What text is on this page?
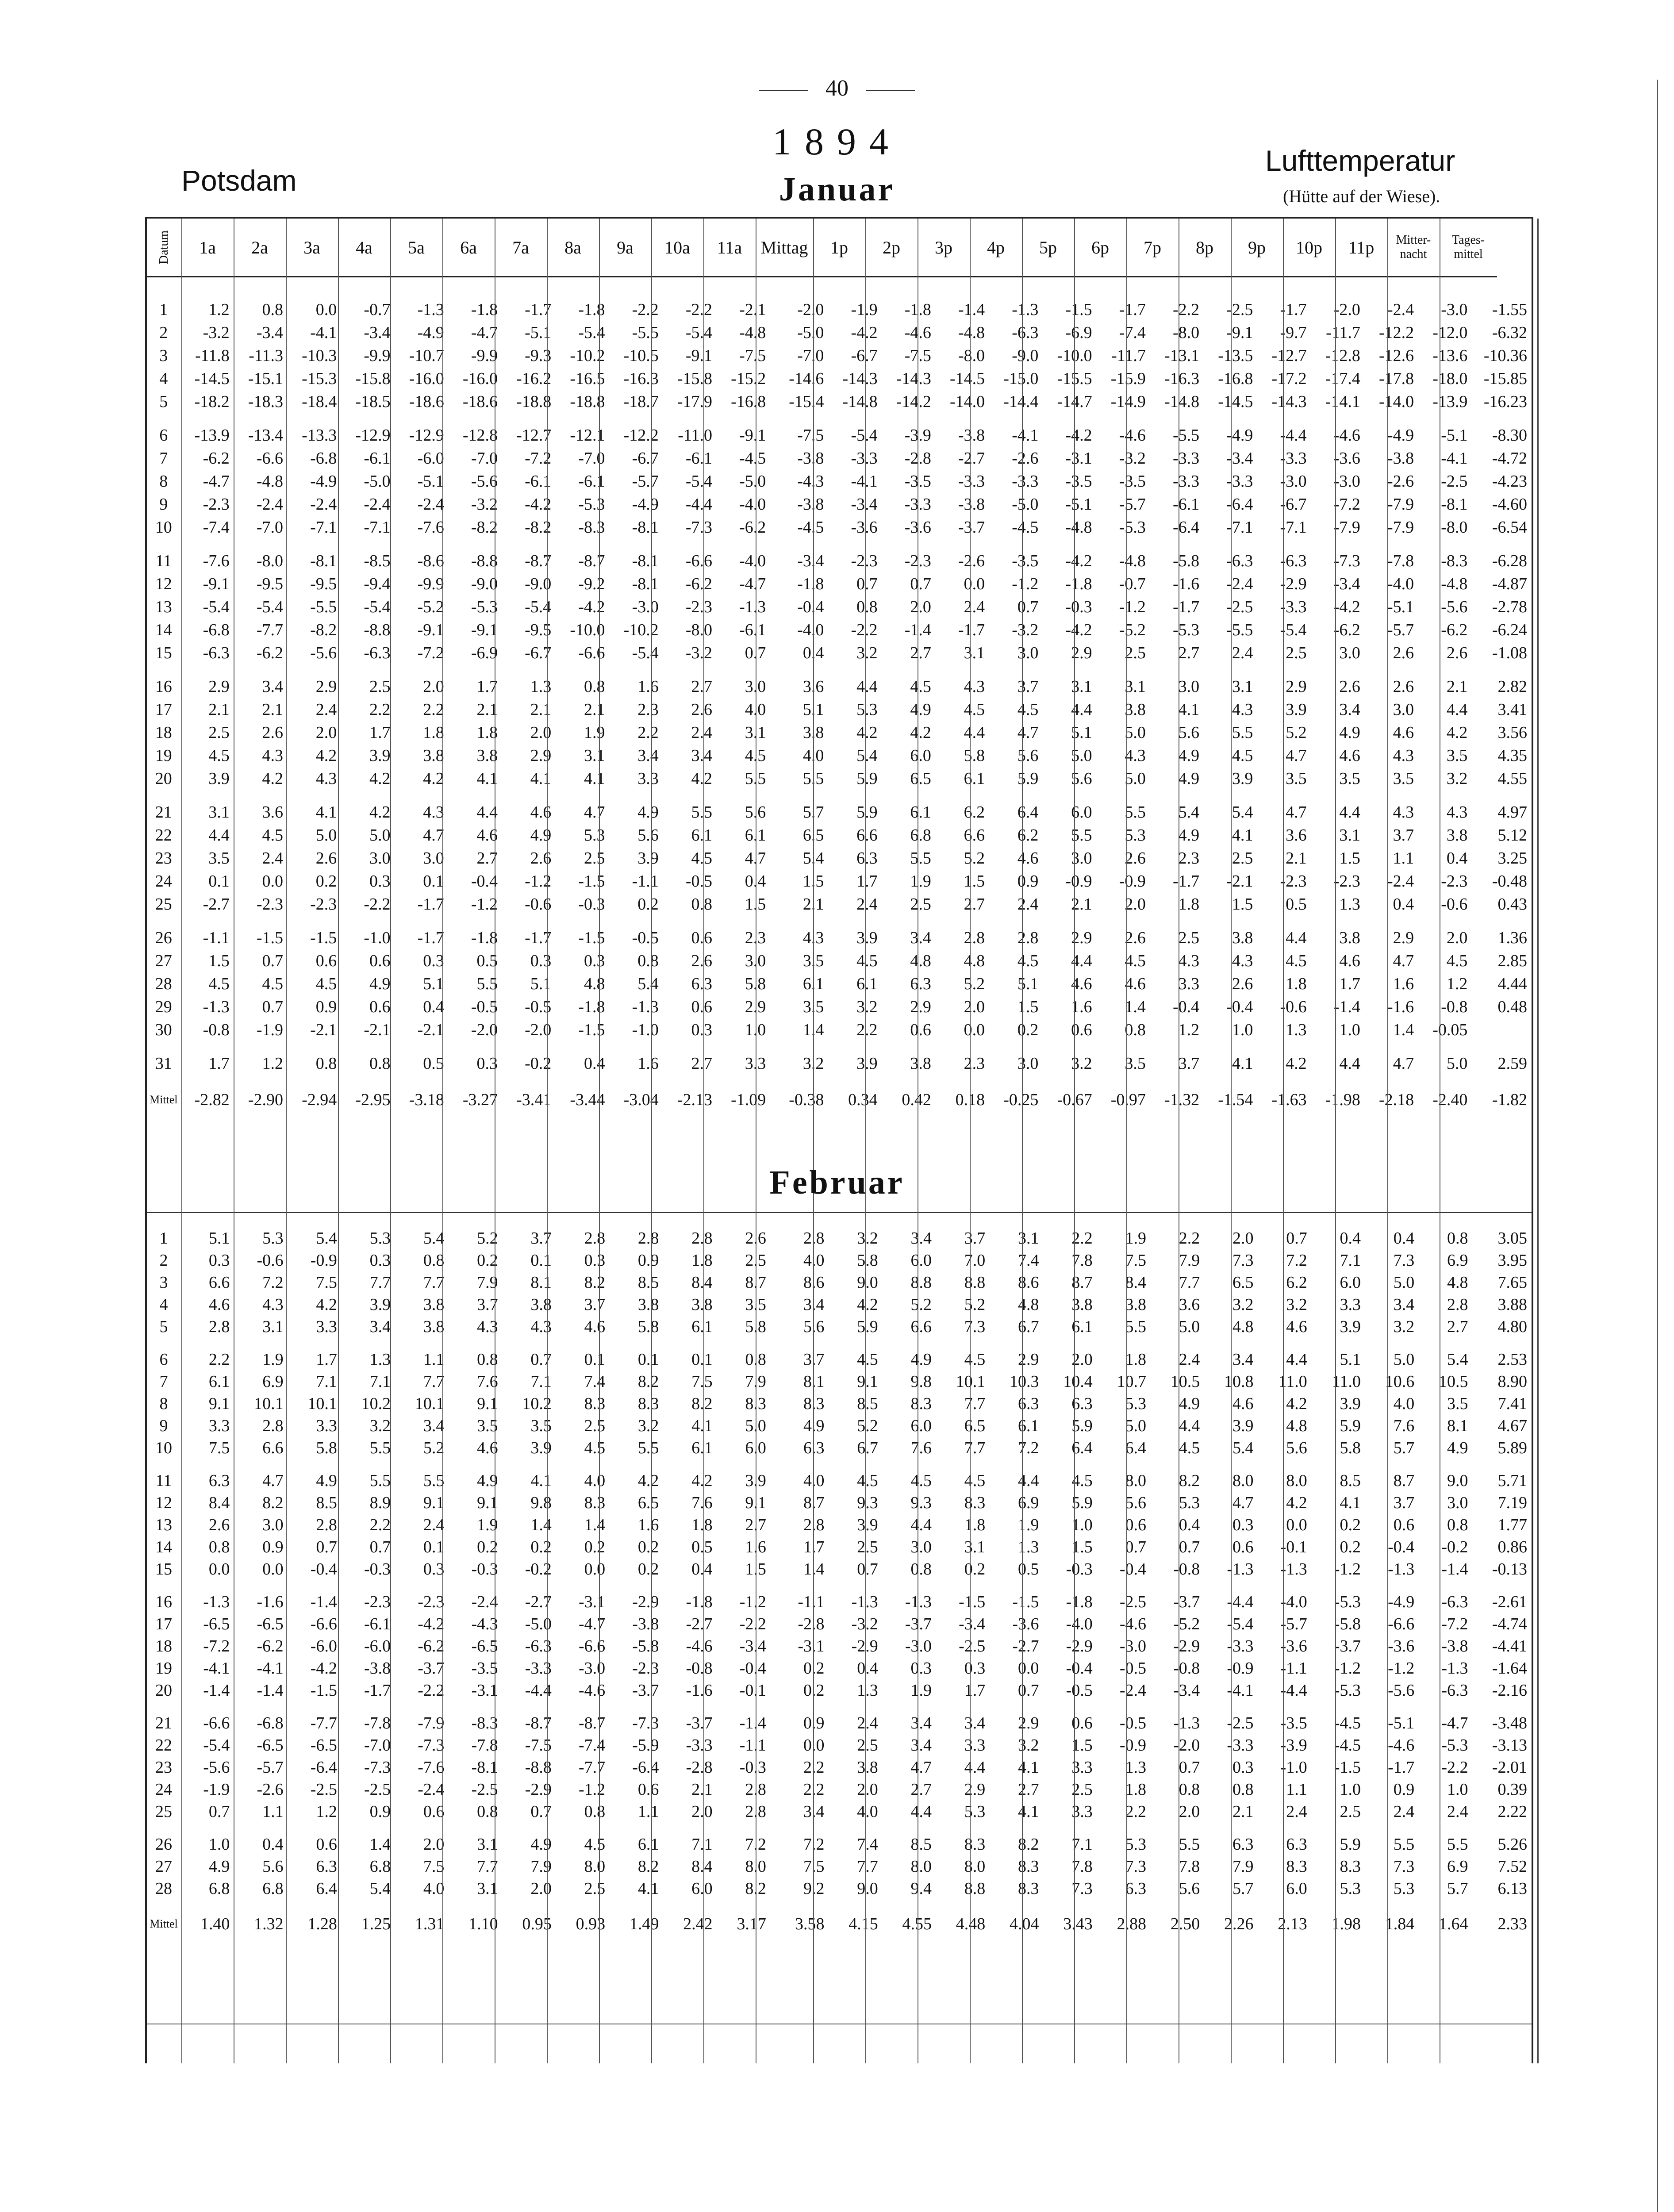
40
1894
Potsdam	Januar
Lufttemperatur
(Hütte auf der Wiese).
Datum	1a	2a	3a	4a	5a	6a	7a	8a	9a	10a	11a	Mittag	1p	2p	3p	4p	5p	6p	7p	8p	9p	10p	11p	Mitter-nacht	Tages-mittel
1	1.2	0.8	0.0	-0.7	-1.3	-1.8	-1.7	-1.8	-2.2	-2.2	-2.1	-2.0	-1.9	-1.8	-1.4	-1.3	-1.5	-1.7	-2.2	-2.5	-1.7	-2.0	-2.4	-3.0	-1.55
2	-3.2	-3.4	-4.1	-3.4	-4.9	-4.7	-5.1	-5.4	-5.5	-5.4	-4.8	-5.0	-4.2	-4.6	-4.8	-6.3	-6.9	-7.4	-8.0	-9.1	-9.7	-11.7	-12.2	-12.0	-6.32
3	-11.8	-11.3	-10.3	-9.9	-10.7	-9.9	-9.3	-10.2	-10.5	-9.1	-7.5	-7.0	-6.7	-7.5	-8.0	-9.0	-10.0	-11.7	-13.1	-13.5	-12.7	-12.8	-12.6	-13.6	-10.36
4	-14.5	-15.1	-15.3	-15.8	-16.0	-16.0	-16.2	-16.5	-16.3	-15.8	-15.2	-14.6	-14.3	-14.3	-14.5	-15.0	-15.5	-15.9	-16.3	-16.8	-17.2	-17.4	-17.8	-18.0	-15.85
5	-18.2	-18.3	-18.4	-18.5	-18.6	-18.6	-18.8	-18.8	-18.7	-17.9	-16.8	-15.4	-14.8	-14.2	-14.0	-14.4	-14.7	-14.9	-14.8	-14.5	-14.3	-14.1	-14.0	-13.9	-16.23
6	-13.9	-13.4	-13.3	-12.9	-12.9	-12.8	-12.7	-12.1	-12.2	-11.0	-9.1	-7.5	-5.4	-3.9	-3.8	-4.1	-4.2	-4.6	-5.5	-4.9	-4.4	-4.6	-4.9	-5.1	-8.30
7	-6.2	-6.6	-6.8	-6.1	-6.0	-7.0	-7.2	-7.0	-6.7	-6.1	-4.5	-3.8	-3.3	-2.8	-2.7	-2.6	-3.1	-3.2	-3.3	-3.4	-3.3	-3.6	-3.8	-4.1	-4.72
8	-4.7	-4.8	-4.9	-5.0	-5.1	-5.6	-6.1	-6.1	-5.7	-5.4	-5.0	-4.3	-4.1	-3.5	-3.3	-3.3	-3.5	-3.5	-3.3	-3.3	-3.0	-3.0	-2.6	-2.5	-4.23
9	-2.3	-2.4	-2.4	-2.4	-2.4	-3.2	-4.2	-5.3	-4.9	-4.4	-4.0	-3.8	-3.4	-3.3	-3.8	-5.0	-5.1	-5.7	-6.1	-6.4	-6.7	-7.2	-7.9	-8.1	-4.60
10	-7.4	-7.0	-7.1	-7.1	-7.6	-8.2	-8.2	-8.3	-8.1	-7.3	-6.2	-4.5	-3.6	-3.6	-3.7	-4.5	-4.8	-5.3	-6.4	-7.1	-7.1	-7.9	-7.9	-8.0	-6.54
11	-7.6	-8.0	-8.1	-8.5	-8.6	-8.8	-8.7	-8.7	-8.1	-6.6	-4.0	-3.4	-2.3	-2.3	-2.6	-3.5	-4.2	-4.8	-5.8	-6.3	-6.3	-7.3	-7.8	-8.3	-6.28
12	-9.1	-9.5	-9.5	-9.4	-9.9	-9.0	-9.0	-9.2	-8.1	-6.2	-4.7	-1.8	0.7	0.7	0.0	-1.2	-1.8	-0.7	-1.6	-2.4	-2.9	-3.4	-4.0	-4.8	-4.87
13	-5.4	-5.4	-5.5	-5.4	-5.2	-5.3	-5.4	-4.2	-3.0	-2.3	-1.3	-0.4	0.8	2.0	2.4	0.7	-0.3	-1.2	-1.7	-2.5	-3.3	-4.2	-5.1	-5.6	-2.78
14	-6.8	-7.7	-8.2	-8.8	-9.1	-9.1	-9.5	-10.0	-10.2	-8.0	-6.1	-4.0	-2.2	-1.4	-1.7	-3.2	-4.2	-5.2	-5.3	-5.5	-5.4	-6.2	-5.7	-6.2	-6.24
15	-6.3	-6.2	-5.6	-6.3	-7.2	-6.9	-6.7	-6.6	-5.4	-3.2	0.7	0.4	3.2	2.7	3.1	3.0	2.9	2.5	2.7	2.4	2.5	3.0	2.6	2.6	-1.08
16	2.9	3.4	2.9	2.5	2.0	1.7	1.3	0.8	1.6	2.7	3.0	3.6	4.4	4.5	4.3	3.7	3.1	3.1	3.0	3.1	2.9	2.6	2.6	2.1	2.82
17	2.1	2.1	2.4	2.2	2.2	2.1	2.1	2.1	2.3	2.6	4.0	5.1	5.3	4.9	4.5	4.5	4.4	3.8	4.1	4.3	3.9	3.4	3.0	4.4	3.41
18	2.5	2.6	2.0	1.7	1.8	1.8	2.0	1.9	2.2	2.4	3.1	3.8	4.2	4.2	4.4	4.7	5.1	5.0	5.6	5.5	5.2	4.9	4.6	4.2	3.56
19	4.5	4.3	4.2	3.9	3.8	3.8	2.9	3.1	3.4	3.4	4.5	4.0	5.4	6.0	5.8	5.6	5.0	4.3	4.9	4.5	4.7	4.6	4.3	3.5	4.35
20	3.9	4.2	4.3	4.2	4.2	4.1	4.1	4.1	3.3	4.2	5.5	5.5	5.9	6.5	6.1	5.9	5.6	5.0	4.9	3.9	3.5	3.5	3.5	3.2	4.55
21	3.1	3.6	4.1	4.2	4.3	4.4	4.6	4.7	4.9	5.5	5.6	5.7	5.9	6.1	6.2	6.4	6.0	5.5	5.4	5.4	4.7	4.4	4.3	4.3	4.97
22	4.4	4.5	5.0	5.0	4.7	4.6	4.9	5.3	5.6	6.1	6.1	6.5	6.6	6.8	6.6	6.2	5.5	5.3	4.9	4.1	3.6	3.1	3.7	3.8	5.12
23	3.5	2.4	2.6	3.0	3.0	2.7	2.6	2.5	3.9	4.5	4.7	5.4	6.3	5.5	5.2	4.6	3.0	2.6	2.3	2.5	2.1	1.5	1.1	0.4	3.25
24	0.1	0.0	0.2	0.3	0.1	-0.4	-1.2	-1.5	-1.1	-0.5	0.4	1.5	1.7	1.9	1.5	0.9	-0.9	-0.9	-1.7	-2.1	-2.3	-2.3	-2.4	-2.3	-0.48
25	-2.7	-2.3	-2.3	-2.2	-1.7	-1.2	-0.6	-0.3	0.2	0.8	1.5	2.1	2.4	2.5	2.7	2.4	2.1	2.0	1.8	1.5	0.5	1.3	0.4	-0.6	0.43
26	-1.1	-1.5	-1.5	-1.0	-1.7	-1.8	-1.7	-1.5	-0.5	0.6	2.3	4.3	3.9	3.4	2.8	2.8	2.9	2.6	2.5	3.8	4.4	3.8	2.9	2.0	1.36
27	1.5	0.7	0.6	0.6	0.3	0.5	0.3	0.3	0.8	2.6	3.0	3.5	4.5	4.8	4.8	4.5	4.4	4.5	4.3	4.3	4.5	4.6	4.7	4.5	2.85
28	4.5	4.5	4.5	4.9	5.1	5.5	5.1	4.8	5.4	6.3	5.8	6.1	6.1	6.3	5.2	5.1	4.6	4.6	3.3	2.6	1.8	1.7	1.6	1.2	4.44
29	-1.3	0.7	0.9	0.6	0.4	-0.5	-0.5	-1.8	-1.3	0.6	2.9	3.5	3.2	2.9	2.0	1.5	1.6	1.4	-0.4	-0.4	-0.6	-1.4	-1.6	-0.8	0.48
30	-0.8	-1.9	-2.1	-2.1	-2.1	-2.0	-2.0	-1.5	-1.0	0.3	1.0	1.4	2.2	0.6	0.0	0.2	0.6	0.8	1.2	1.0	1.3	1.0	1.4	-0.05	
31	1.7	1.2	0.8	0.8	0.5	0.3	-0.2	0.4	1.6	2.7	3.3	3.2	3.9	3.8	2.3	3.0	3.2	3.5	3.7	4.1	4.2	4.4	4.7	5.0	2.59
Mittel	-2.82	-2.90	-2.94	-2.95	-3.18	-3.27	-3.41	-3.44	-3.04	-2.13	-1.09	-0.38	0.34	0.42	0.18	-0.25	-0.67	-0.97	-1.32	-1.54	-1.63	-1.98	-2.18	-2.40	-1.82
1	5.1	5.3	5.4	5.3	5.4	5.2	3.7	2.8	2.8	2.8	2.6	2.8	3.2	3.4	3.7	3.1	2.2	1.9	2.2	2.0	0.7	0.4	0.4	0.8	3.05
2	0.3	-0.6	-0.9	0.3	0.8	0.2	0.1	0.3	0.9	1.8	2.5	4.0	5.8	6.0	7.0	7.4	7.8	7.5	7.9	7.3	7.2	7.1	7.3	6.9	3.95
3	6.6	7.2	7.5	7.7	7.7	7.9	8.1	8.2	8.5	8.4	8.7	8.6	9.0	8.8	8.8	8.6	8.7	8.4	7.7	6.5	6.2	6.0	5.0	4.8	7.65
4	4.6	4.3	4.2	3.9	3.8	3.7	3.8	3.7	3.8	3.8	3.5	3.4	4.2	5.2	5.2	4.8	3.8	3.8	3.6	3.2	3.2	3.3	3.4	2.8	3.88
5	2.8	3.1	3.3	3.4	3.8	4.3	4.3	4.6	5.8	6.1	5.8	5.6	5.9	6.6	7.3	6.7	6.1	5.5	5.0	4.8	4.6	3.9	3.2	2.7	4.80
6	2.2	1.9	1.7	1.3	1.1	0.8	0.7	0.1	0.1	0.1	0.8	3.7	4.5	4.9	4.5	2.9	2.0	1.8	2.4	3.4	4.4	5.1	5.0	5.4	2.53
7	6.1	6.9	7.1	7.1	7.7	7.6	7.1	7.4	8.2	7.5	7.9	8.1	9.1	9.8	10.1	10.3	10.4	10.7	10.5	10.8	11.0	11.0	10.6	10.5	8.90
8	9.1	10.1	10.1	10.2	10.1	9.1	10.2	8.3	8.3	8.2	8.3	8.3	8.5	8.3	7.7	6.3	6.3	5.3	4.9	4.6	4.2	3.9	4.0	3.5	7.41
9	3.3	2.8	3.3	3.2	3.4	3.5	3.5	2.5	3.2	4.1	5.0	4.9	5.2	6.0	6.5	6.1	5.9	5.0	4.4	3.9	4.8	5.9	7.6	8.1	4.67
10	7.5	6.6	5.8	5.5	5.2	4.6	3.9	4.5	5.5	6.1	6.0	6.3	6.7	7.6	7.7	7.2	6.4	6.4	4.5	5.4	5.6	5.8	5.7	4.9	5.89
11	6.3	4.7	4.9	5.5	5.5	4.9	4.1	4.0	4.2	4.2	3.9	4.0	4.5	4.5	4.5	4.4	4.5	8.0	8.2	8.0	8.0	8.5	8.7	9.0	5.71
12	8.4	8.2	8.5	8.9	9.1	9.1	9.8	8.3	6.5	7.6	9.1	8.7	9.3	9.3	8.3	6.9	5.9	5.6	5.3	4.7	4.2	4.1	3.7	3.0	7.19
13	2.6	3.0	2.8	2.2	2.4	1.9	1.4	1.4	1.6	1.8	2.7	2.8	3.9	4.4	1.8	1.9	1.0	0.6	0.4	0.3	0.0	0.2	0.6	0.8	1.77
14	0.8	0.9	0.7	0.7	0.1	0.2	0.2	0.2	0.2	0.5	1.6	1.7	2.5	3.0	3.1	1.3	1.5	0.7	0.7	0.6	-0.1	0.2	-0.4	-0.2	0.86
15	0.0	0.0	-0.4	-0.3	0.3	-0.3	-0.2	0.0	0.2	0.4	1.5	1.4	0.7	0.8	0.2	0.5	-0.3	-0.4	-0.8	-1.3	-1.3	-1.2	-1.3	-1.4	-0.13
16	-1.3	-1.6	-1.4	-2.3	-2.3	-2.4	-2.7	-3.1	-2.9	-1.8	-1.2	-1.1	-1.3	-1.3	-1.5	-1.5	-1.8	-2.5	-3.7	-4.4	-4.0	-5.3	-4.9	-6.3	-2.61
17	-6.5	-6.5	-6.6	-6.1	-4.2	-4.3	-5.0	-4.7	-3.8	-2.7	-2.2	-2.8	-3.2	-3.7	-3.4	-3.6	-4.0	-4.6	-5.2	-5.4	-5.7	-5.8	-6.6	-7.2	-4.74
18	-7.2	-6.2	-6.0	-6.0	-6.2	-6.5	-6.3	-6.6	-5.8	-4.6	-3.4	-3.1	-2.9	-3.0	-2.5	-2.7	-2.9	-3.0	-2.9	-3.3	-3.6	-3.7	-3.6	-3.8	-4.41
19	-4.1	-4.1	-4.2	-3.8	-3.7	-3.5	-3.3	-3.0	-2.3	-0.8	-0.4	0.2	0.4	0.3	0.3	0.0	-0.4	-0.5	-0.8	-0.9	-1.1	-1.2	-1.2	-1.3	-1.64
20	-1.4	-1.4	-1.5	-1.7	-2.2	-3.1	-4.4	-4.6	-3.7	-1.6	-0.1	0.2	1.3	1.9	1.7	0.7	-0.5	-2.4	-3.4	-4.1	-4.4	-5.3	-5.6	-6.3	-2.16
21	-6.6	-6.8	-7.7	-7.8	-7.9	-8.3	-8.7	-8.7	-7.3	-3.7	-1.4	0.9	2.4	3.4	3.4	2.9	0.6	-0.5	-1.3	-2.5	-3.5	-4.5	-5.1	-4.7	-3.48
22	-5.4	-6.5	-6.5	-7.0	-7.3	-7.8	-7.5	-7.4	-5.9	-3.3	-1.1	0.0	2.5	3.4	3.3	3.2	1.5	-0.9	-2.0	-3.3	-3.9	-4.5	-4.6	-5.3	-3.13
23	-5.6	-5.7	-6.4	-7.3	-7.6	-8.1	-8.8	-7.7	-6.4	-2.8	-0.3	2.2	3.8	4.7	4.4	4.1	3.3	1.3	0.7	0.3	-1.0	-1.5	-1.7	-2.2	-2.01
24	-1.9	-2.6	-2.5	-2.5	-2.4	-2.5	-2.9	-1.2	0.6	2.1	2.8	2.2	2.0	2.7	2.9	2.7	2.5	1.8	0.8	0.8	1.1	1.0	0.9	1.0	0.39
25	0.7	1.1	1.2	0.9	0.6	0.8	0.7	0.8	1.1	2.0	2.8	3.4	4.0	4.4	5.3	4.1	3.3	2.2	2.0	2.1	2.4	2.5	2.4	2.4	2.22
26	1.0	0.4	0.6	1.4	2.0	3.1	4.9	4.5	6.1	7.1	7.2	7.2	7.4	8.5	8.3	8.2	7.1	5.3	5.5	6.3	6.3	5.9	5.5	5.5	5.26
27	4.9	5.6	6.3	6.8	7.5	7.7	7.9	8.0	8.2	8.4	8.0	7.5	7.7	8.0	8.0	8.3	7.8	7.3	7.8	7.9	8.3	8.3	7.3	6.9	7.52
28	6.8	6.8	6.4	5.4	4.0	3.1	2.0	2.5	4.1	6.0	8.2	9.2	9.0	9.4	8.8	8.3	7.3	6.3	5.6	5.7	6.0	5.3	5.3	5.7	6.13
Mittel	1.40	1.32	1.28	1.25	1.31	1.10	0.95	0.93	1.49	2.42	3.17	3.58	4.15	4.55	4.48	4.04	3.43	2.88	2.50	2.26	2.13	1.98	1.84	1.64	2.33
Februar
